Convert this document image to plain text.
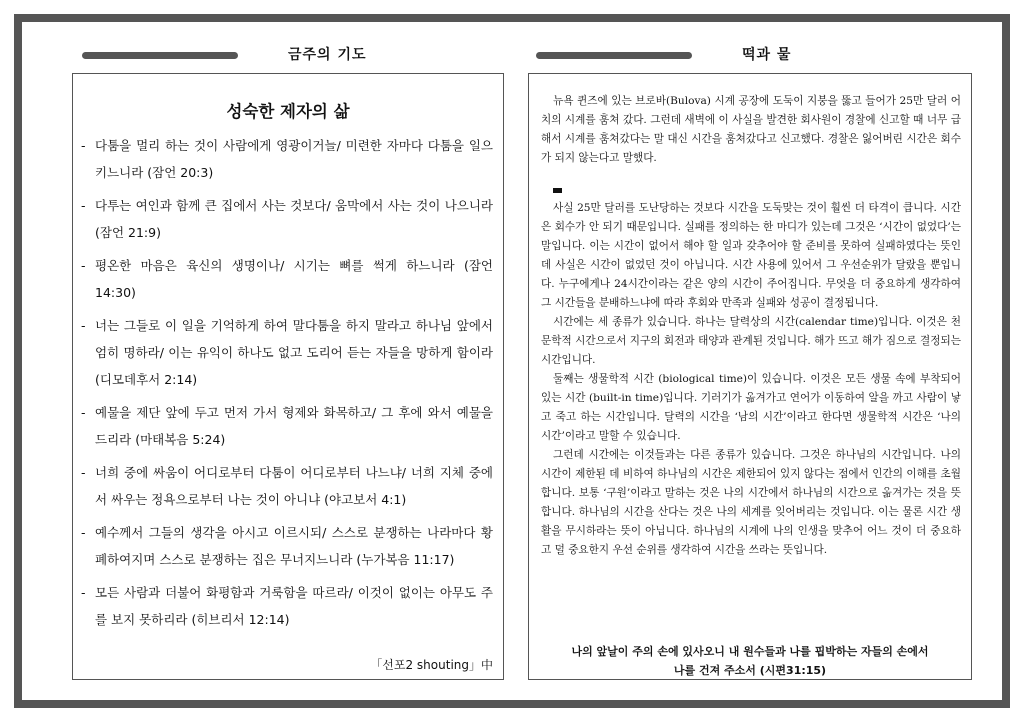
금주의 기도	떡과 물
성숙한 제자의 삶
- 다툼을 멀리 하는 것이 사람에게 영광이거늘/ 미련한 자마다 다툼을 일으키느니라 (잠언 20:3)
- 다투는 여인과 함께 큰 집에서 사는 것보다/ 움막에서 사는 것이 나으니라 (잠언 21:9)
- 평온한 마음은 육신의 생명이나/ 시기는 뼈를 썩게 하느니라 (잠언 14:30)
- 너는 그들로 이 일을 기억하게 하여 말다툼을 하지 말라고 하나님 앞에서 엄히 명하라/ 이는 유익이 하나도 없고 도리어 듣는 자들을 망하게 함이라 (디모데후서 2:14)
- 예물을 제단 앞에 두고 먼저 가서 형제와 화목하고/ 그 후에 와서 예물을 드리라 (마태복음 5:24)
- 너희 중에 싸움이 어디로부터 다툼이 어디로부터 나느냐/ 너희 지체 중에서 싸우는 정욕으로부터 나는 것이 아니냐 (야고보서 4:1)
- 예수께서 그들의 생각을 아시고 이르시되/ 스스로 분쟁하는 나라마다 황폐하여지며 스스로 분쟁하는 집은 무너지느니라 (누가복음 11:17)
- 모든 사람과 더불어 화평함과 거룩함을 따르라/ 이것이 없이는 아무도 주를 보지 못하리라 (히브리서 12:14)
「선포2 shouting」中

뉴욕 퀸즈에 있는 브로바(Bulova) 시계 공장에 도둑이 지붕을 뚫고 들어가 25만 달러 어치의 시계를 훔쳐 갔다. 그런데 새벽에 이 사실을 발견한 회사원이 경찰에 신고할 때 너무 급해서 시계를 훔쳐갔다는 말 대신 시간을 훔쳐갔다고 신고했다. 경찰은 잃어버린 시간은 회수가 되지 않는다고 말했다.

사실 25만 달러를 도난당하는 것보다 시간을 도둑맞는 것이 훨씬 더 타격이 큽니다. 시간은 회수가 안 되기 때문입니다. 실패를 정의하는 한 마디가 있는데 그것은 ‘시간이 없었다’는 말입니다. 이는 시간이 없어서 해야 할 일과 갖추어야 할 준비를 못하여 실패하였다는 뜻인데 사실은 시간이 없었던 것이 아닙니다. 시간 사용에 있어서 그 우선순위가 달랐을 뿐입니다. 누구에게나 24시간이라는 같은 양의 시간이 주어집니다. 무엇을 더 중요하게 생각하여 그 시간들을 분배하느냐에 따라 후회와 만족과 실패와 성공이 결정됩니다.

시간에는 세 종류가 있습니다. 하나는 달력상의 시간(calendar time)입니다. 이것은 천문학적 시간으로서 지구의 회전과 태양과 관계된 것입니다. 해가 뜨고 해가 짐으로 결정되는 시간입니다.

둘째는 생물학적 시간 (biological time)이 있습니다. 이것은 모든 생물 속에 부착되어 있는 시간 (built-in time)입니다. 기러기가 옮겨가고 연어가 이동하여 알을 까고 사람이 낳고 죽고 하는 시간입니다. 달력의 시간을 ‘남의 시간’이라고 한다면 생물학적 시간은 ‘나의 시간’이라고 말할 수 있습니다.

그런데 시간에는 이것들과는 다른 종류가 있습니다. 그것은 하나님의 시간입니다. 나의 시간이 제한된 데 비하여 하나님의 시간은 제한되어 있지 않다는 점에서 인간의 이해를 초월합니다. 보통 ‘구원’이라고 말하는 것은 나의 시간에서 하나님의 시간으로 옮겨가는 것을 뜻합니다. 하나님의 시간을 산다는 것은 나의 세계를 잊어버리는 것입니다. 이는 물론 시간 생활을 무시하라는 뜻이 아닙니다. 하나님의 시계에 나의 인생을 맞추어 어느 것이 더 중요하고 덜 중요한지 우선 순위를 생각하여 시간을 쓰라는 뜻입니다.

나의 앞날이 주의 손에 있사오니 내 원수들과 나를 핍박하는 자들의 손에서
나를 건져 주소서 (시편31:15)
